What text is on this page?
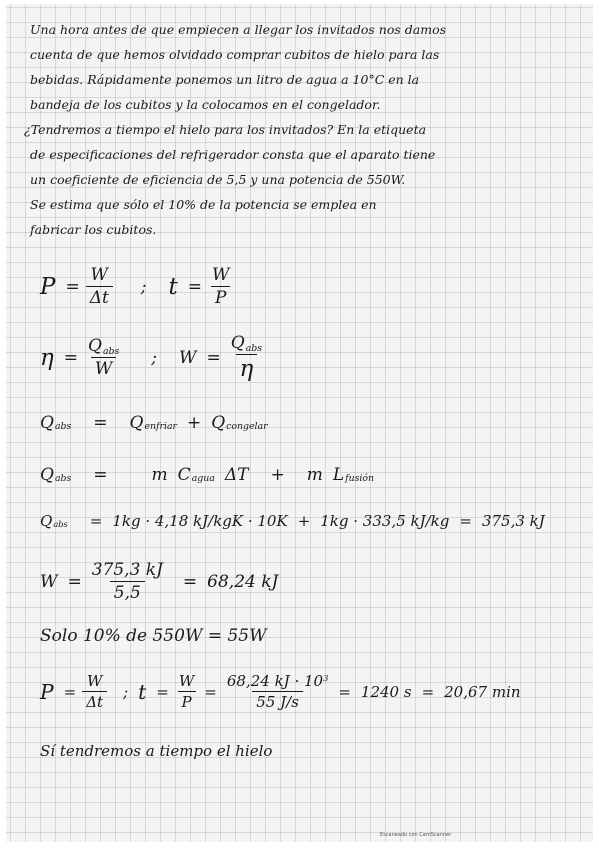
Una hora antes de que empiecen a llegar los invitados nos damos
cuenta de que hemos olvidado comprar cubitos de hielo para las
bebidas. Rápidamente ponemos un litro de agua a 10°C en la
bandeja de los cubitos y la colocamos en el congelador.
¿Tendremos a tiempo el hielo para los invitados? En la etiqueta
de especificaciones del refrigerador consta que el aparato tiene
un coeficiente de eficiencia de 5,5 y una potencia de 550W.
Se estima que sólo el 10% de la potencia se emplea en
fabricar los cubitos.
$P = \frac{W}{\Delta t}$ ; $t = \frac{W}{P}$
$\eta = \frac{\text{Qabs}}{W}$ ; $W = \frac{\text{Qabs}}{\eta}$
Q abs = Q enfriar + Q congelar
Q abs =	m C agua ΔT + m L fusión
Q abs = 1kg · 4,18 kJ/kgK · 10K + 1kg · 333,5 kJ/kg = 375,3 kJ
$W = \frac{375,3 kJ}{5,5} = 68,24$ kJ
Solo 10% de 550W = 55W
$P = \frac{W}{\Delta t}$ ; $t = \frac{W}{P} = \frac{68,24 kJ \cdot 10^3}{55 J/s} = 1240$ s = 20,67 min
Sí tendremos a tiempo el hielo
Escaneado con CamScanner
